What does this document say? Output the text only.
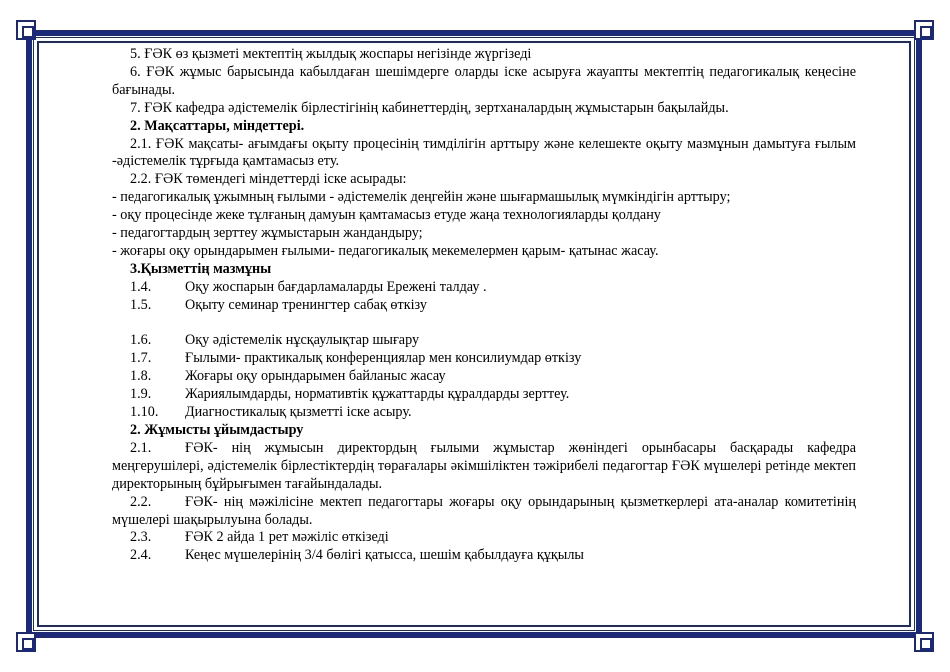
5. ҒӘК өз қызметі мектептің жылдық жоспары негізінде жүргізеді

6. ҒӘК жұмыс барысында кабылдаған шешімдерге оларды іске асыруға жауапты мектептің педагогикалық кеңесіне бағынады.

7. ҒӘК кафедра әдістемелік бірлестігінің кабинеттердің, зертханалардың жұмыстарын бақылайды.

2. Мақсаттары, міндеттері.

2.1. ҒӘК мақсаты- ағымдағы оқыту процесінің тимділігін арттыру және келешекте оқыту мазмұнын дамытуға ғылым -әдістемелік тұрғыда қамтамасыз ету.

2.2. ҒӘК төмендегі міндеттерді іске асырады:

- педагогикалық ұжымның ғылыми - әдістемелік деңгейін және шығармашылық мүмкіндігін арттыру;

- оқу процесінде жеке тұлғаның дамуын қамтамасыз етуде жаңа технологияларды қолдану

- педагогтардың зерттеу жұмыстарын жандандыру;

- жоғары оқу орындарымен ғылыми- педагогикалық мекемелермен қарым- қатынас жасау.

3.Қызметтің мазмұны

1.4.	Оқу жоспарын бағдарламаларды Ережені талдау .
1.5.	Оқыту семинар тренингтер сабақ өткізу
1.6.	Оқу әдістемелік нұсқаулықтар шығару
1.7.	Ғылыми- практикалық конференциялар мен консилиумдар өткізу
1.8.	Жоғары оқу орындарымен байланыс жасау
1.9.	Жариялымдарды, нормативтік құжаттарды құралдарды зерттеу.
1.10.	Диагностикалық қызметті іске асыру.

2. Жұмысты ұйымдастыру

2.1. ҒӘК- нің жұмысын директордың ғылыми жұмыстар жөніндегі орынбасары басқарады кафедра меңгерушілері, әдістемелік бірлестіктердің төрағалары әкімшіліктен тәжірибелі педагогтар ҒӘК мүшелері ретінде мектеп директорының бұйрығымен тағайындалады.

2.2. ҒӘК- нің мәжілісіне мектеп педагогтары жоғары оқу орындарының қызметкерлері ата-аналар комитетінің мүшелері шақырылуына болады.

2.3.	ҒӘК 2 айда 1 рет мәжіліс өткізеді
2.4.	Кеңес мүшелерінің 3/4 бөлігі қатысса, шешім қабылдауға құқылы
